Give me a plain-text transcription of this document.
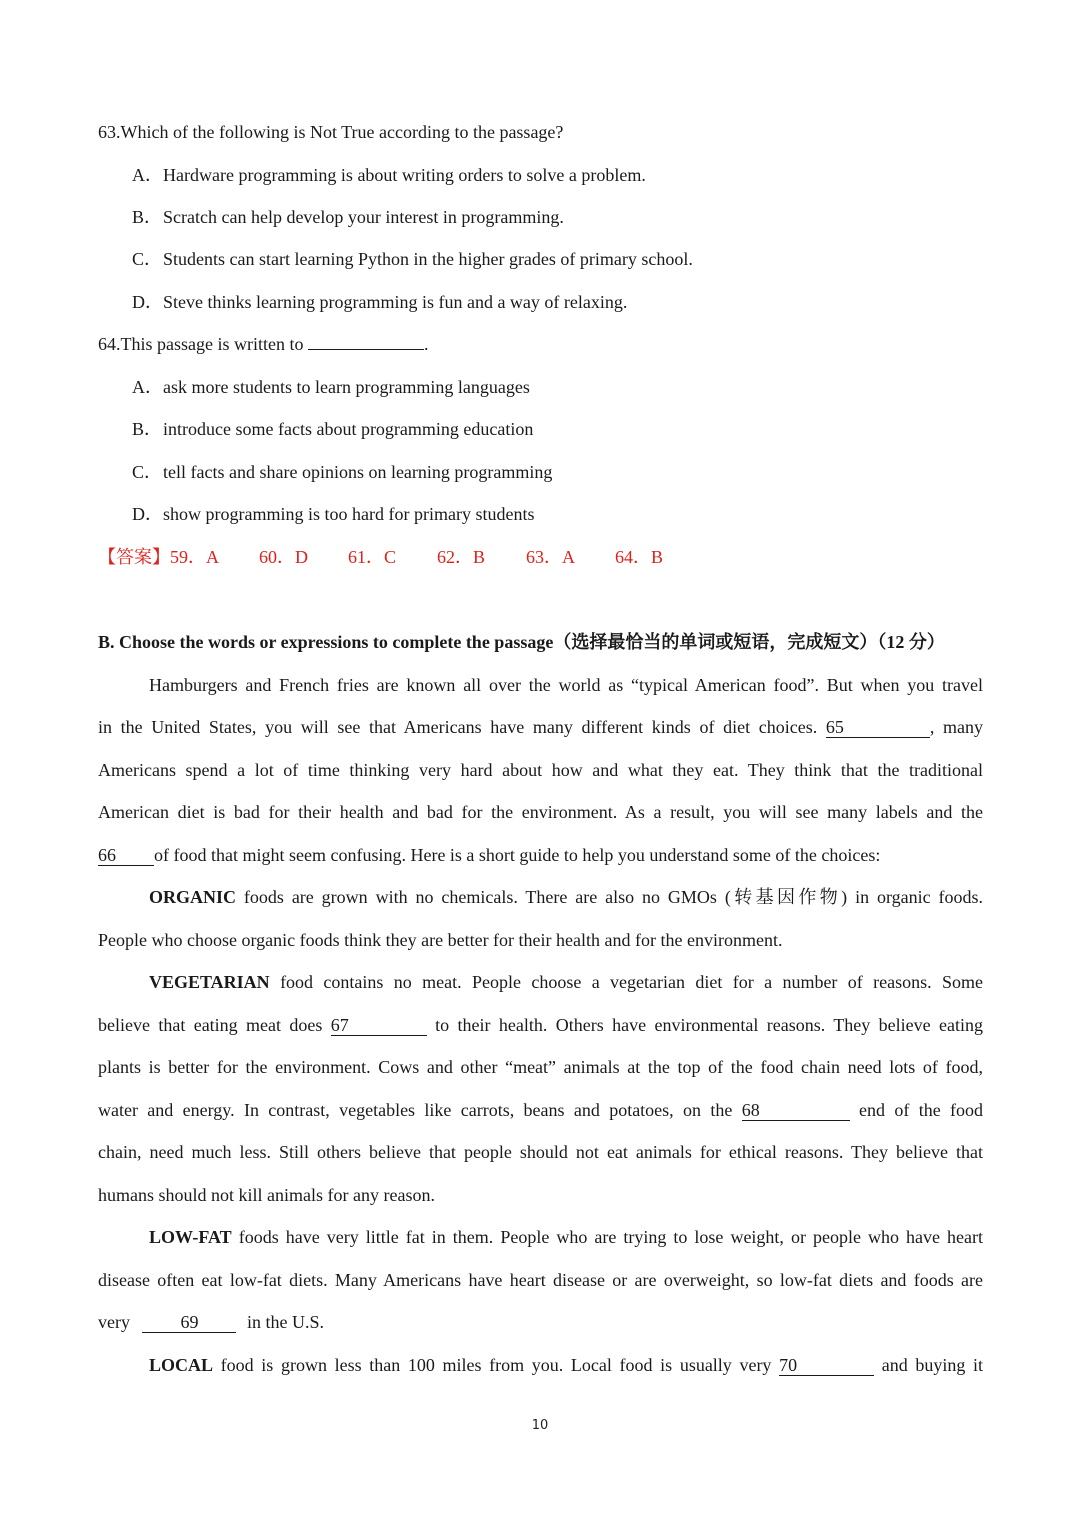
63.Which of the following is Not True according to the passage?
A．Hardware programming is about writing orders to solve a problem.
B．Scratch can help develop your interest in programming.
C．Students can start learning Python in the higher grades of primary school.
D．Steve thinks learning programming is fun and a way of relaxing.
64.This passage is written to	.
A．ask more students to learn programming languages
B．introduce some facts about programming education
C．tell facts and share opinions on learning programming
D．show programming is too hard for primary students
【答案】59．A 60．D 61．C 62．B 63．A 64．B
B. Choose the words or expressions to complete the passage（选择最恰当的单词或短语，完成短文）（12 分）
Hamburgers and French fries are known all over the world as “typical American food”. But when you travel
in the United States, you will see that Americans have many different kinds of diet choices. 65	, many
Americans spend a lot of time thinking very hard about how and what they eat. They think that the traditional
American diet is bad for their health and bad for the environment. As a result, you will see many labels and the
66 of food that might seem confusing. Here is a short guide to help you understand some of the choices:
ORGANIC foods are grown with no chemicals. There are also no GMOs (转基因作物) in organic foods.
People who choose organic foods think they are better for their health and for the environment.
VEGETARIAN food contains no meat. People choose a vegetarian diet for a number of reasons. Some
believe that eating meat does 67	to their health. Others have environmental reasons. They believe eating
plants is better for the environment. Cows and other “meat” animals at the top of the food chain need lots of food,
water and energy. In contrast, vegetables like carrots, beans and potatoes, on the 68	end of the food
chain, need much less. Still others believe that people should not eat animals for ethical reasons. They believe that
humans should not kill animals for any reason.
LOW-FAT foods have very little fat in them. People who are trying to lose weight, or people who have heart
disease often eat low-fat diets. Many Americans have heart disease or are overweight, so low-fat diets and foods are
very	69	in the U.S.
LOCAL food is grown less than 100 miles from you. Local food is usually very 70	and buying it
10
